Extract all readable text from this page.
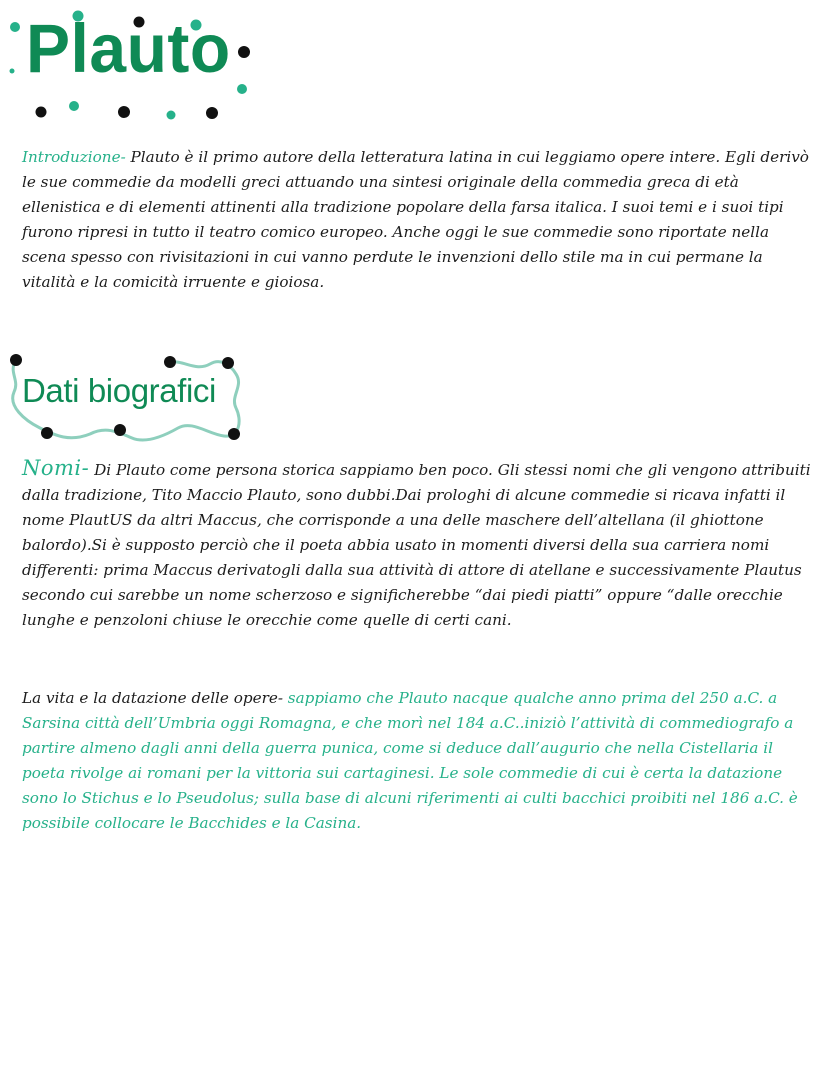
Plauto

Introduzione- Plauto è il primo autore della letteratura latina in cui leggiamo opere intere. Egli derivò le sue commedie da modelli greci attuando una sintesi originale della commedia greca di età ellenistica e di elementi attinenti alla tradizione popolare della farsa italica. I suoi temi e i suoi tipi furono ripresi in tutto il teatro comico europeo. Anche oggi le sue commedie sono riportate nella scena spesso con rivisitazioni in cui vanno perdute le invenzioni dello stile ma in cui permane la vitalità e la comicità irruente e gioiosa.

Dati biografici

Nomi- Di Plauto come persona storica sappiamo ben poco. Gli stessi nomi che gli vengono attribuiti dalla tradizione, Tito Maccio Plauto, sono dubbi.Dai prologhi di alcune commedie si ricava infatti il nome PlautUS da altri Maccus, che corrisponde a una delle maschere dell’altellana (il ghiottone balordo).Si è supposto perciò che il poeta abbia usato in momenti diversi della sua carriera nomi differenti: prima Maccus derivatogli dalla sua attività di attore di atellane e successivamente Plautus secondo cui sarebbe un nome scherzoso e significherebbe “dai piedi piatti” oppure “dalle orecchie lunghe e penzoloni chiuse le orecchie come quelle di certi cani.

La vita e la datazione delle opere- sappiamo che Plauto nacque qualche anno prima del 250 a.C. a Sarsina città dell’Umbria oggi Romagna, e che morì nel 184 a.C..iniziò l’attività di commediografo a partire almeno dagli anni della guerra punica, come si deduce dall’augurio che nella Cistellaria il poeta rivolge ai romani per la vittoria sui cartaginesi. Le sole commedie di cui è certa la datazione sono lo Stichus e lo Pseudolus; sulla base di alcuni riferimenti ai culti bacchici proibiti nel 186 a.C. è possibile collocare le Bacchides e la Casina.
